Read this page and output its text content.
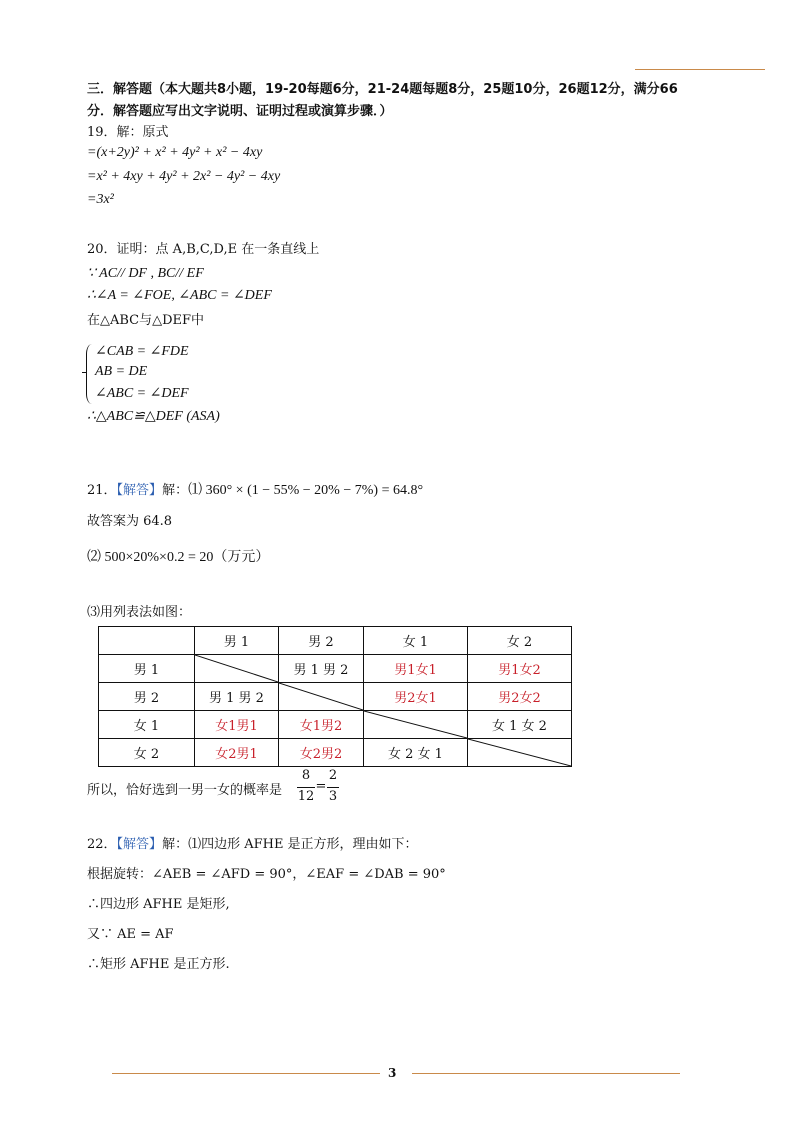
三．解答题（本大题共8小题，19-20每题6分，21-24题每题8分，25题10分，26题12分，满分66
分．解答题应写出文字说明、证明过程或演算步骤．）
19．解：原式
=(x+2y)² + x² + 4y² + x² − 4xy
=x² + 4xy + 4y² + 2x² − 4y² − 4xy
=3x²
20．证明：点 A,B,C,D,E 在一条直线上
∵ AC// DF , BC// EF
∴∠A = ∠FOE, ∠ABC = ∠DEF
在△ABC与△DEF中
∠CAB = ∠FDE
AB = DE
∠ABC = ∠DEF
∴△ABC≌△DEF (ASA)
21．【解答】解：⑴ 360° × (1 − 55% − 20% − 7%) = 64.8°
故答案为 64.8
⑵ 500×20%×0.2 = 20（万元）
⑶用列表法如图：
	男 1	男 2	女 1	女 2
男 1		男 1 男 2	男1女1	男1女2
男 2	男 1 男 2		男2女1	男2女2
女 1	女1男1	女1男2		女 1 女 2
女 2	女2男1	女2男2	女 2 女 1	
所以，恰好选到一男一女的概率是
8
12
=
2
3
22．【解答】解：⑴四边形 AFHE 是正方形，理由如下：
根据旋转：∠AEB = ∠AFD = 90°，∠EAF = ∠DAB = 90°
∴四边形 AFHE 是矩形,
又∵ AE = AF
∴矩形 AFHE 是正方形.
3
